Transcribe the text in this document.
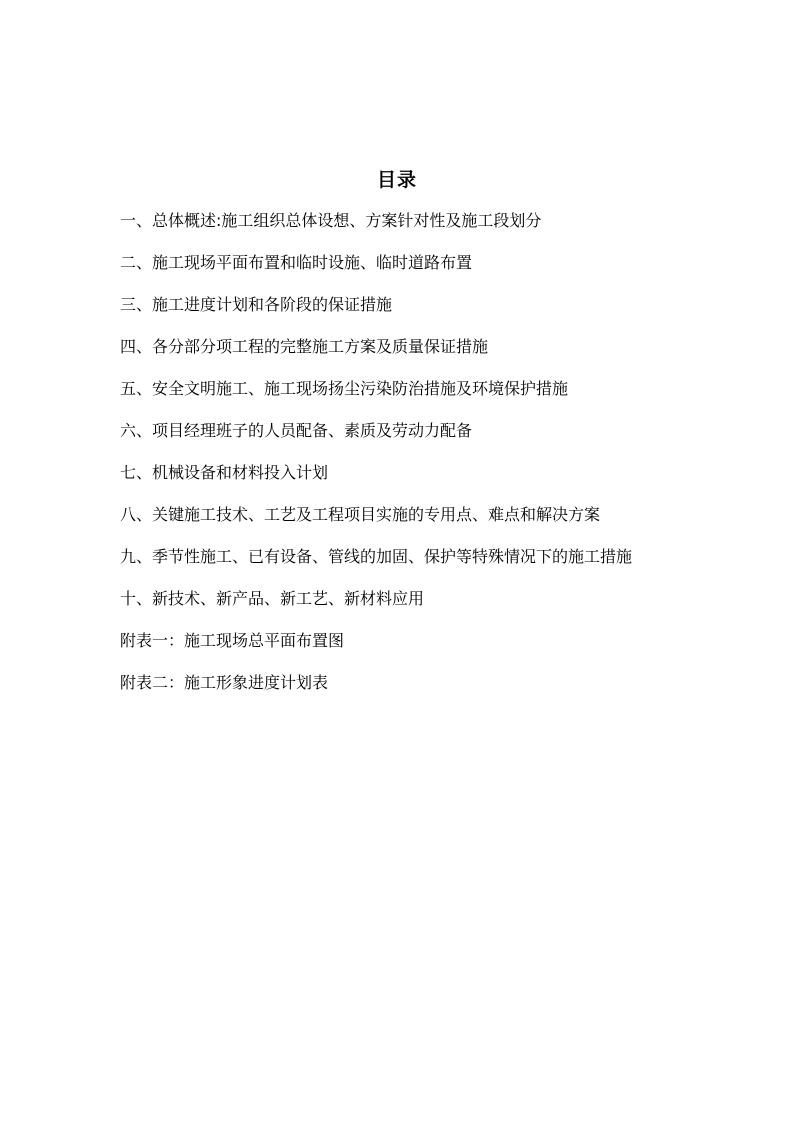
目录
一、总体概述:施工组织总体设想、方案针对性及施工段划分
二、施工现场平面布置和临时设施、临时道路布置
三、施工进度计划和各阶段的保证措施
四、各分部分项工程的完整施工方案及质量保证措施
五、安全文明施工、施工现场扬尘污染防治措施及环境保护措施
六、项目经理班子的人员配备、素质及劳动力配备
七、机械设备和材料投入计划
八、关键施工技术、工艺及工程项目实施的专用点、难点和解决方案
九、季节性施工、已有设备、管线的加固、保护等特殊情况下的施工措施
十、新技术、新产品、新工艺、新材料应用
附表一：施工现场总平面布置图
附表二：施工形象进度计划表
